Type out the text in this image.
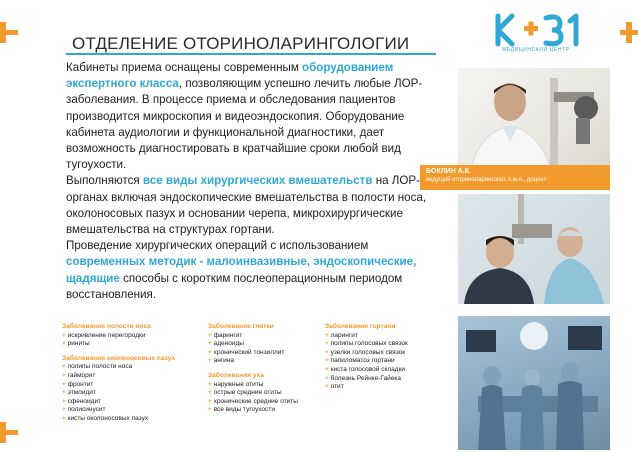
ОТДЕЛЕНИЕ ОТОРИНОЛАРИНГОЛОГИИ	МЕДИЦИНСКИЙ ЦЕНТР
Кабинеты приема оснащены современным оборудованием экспертного класса, позволяющим успешно лечить любые ЛОР-заболевания. В процессе приема и обследования пациентов производится микроскопия и видеоэндоскопия. Оборудование кабинета аудиологии и функциональной диагностики, дает возможность диагностировать в кратчайшие сроки любой вид тугоухости.
Выполняются все виды хирургических вмешательств на ЛОР-органах включая эндоскопические вмешательства в полости носа, околоносовых пазух и основании черепа, микрохирургические вмешательства на структурах гортани.
Проведение хирургических операций с использованием современных методик - малоинвазивные, эндоскопические, щадящие способы с коротким послеоперационным периодом восстановления.
БОКЛИН А.К.
ведущий оториноларинголог, к.м.н., доцент
Заболевания полости носа
+ искривление перегородки
+ риниты
Заболевания околоносовых пазух
+ полипы полости носа
+ гайморит
+ фронтит
+ этмоидит
+ сфеноидит
+ полисинусит
+ кисты околоносовых пазух
Заболевание глотки
+ фарингит
+ аденоиды
+ хронический тонзиллит
+ ангина
Заболевания уха
+ наружные отиты
+ острые средние отиты
+ хронические средние отиты
+ все виды тугоухости
Заболевания гортани
+ ларингит
+ полипы голосовых связок
+ узелки голосовых связок
+ папиломатоз гортани
+ киста голосовой складки
+ болезнь Рейнке-Гайека
+ отит
